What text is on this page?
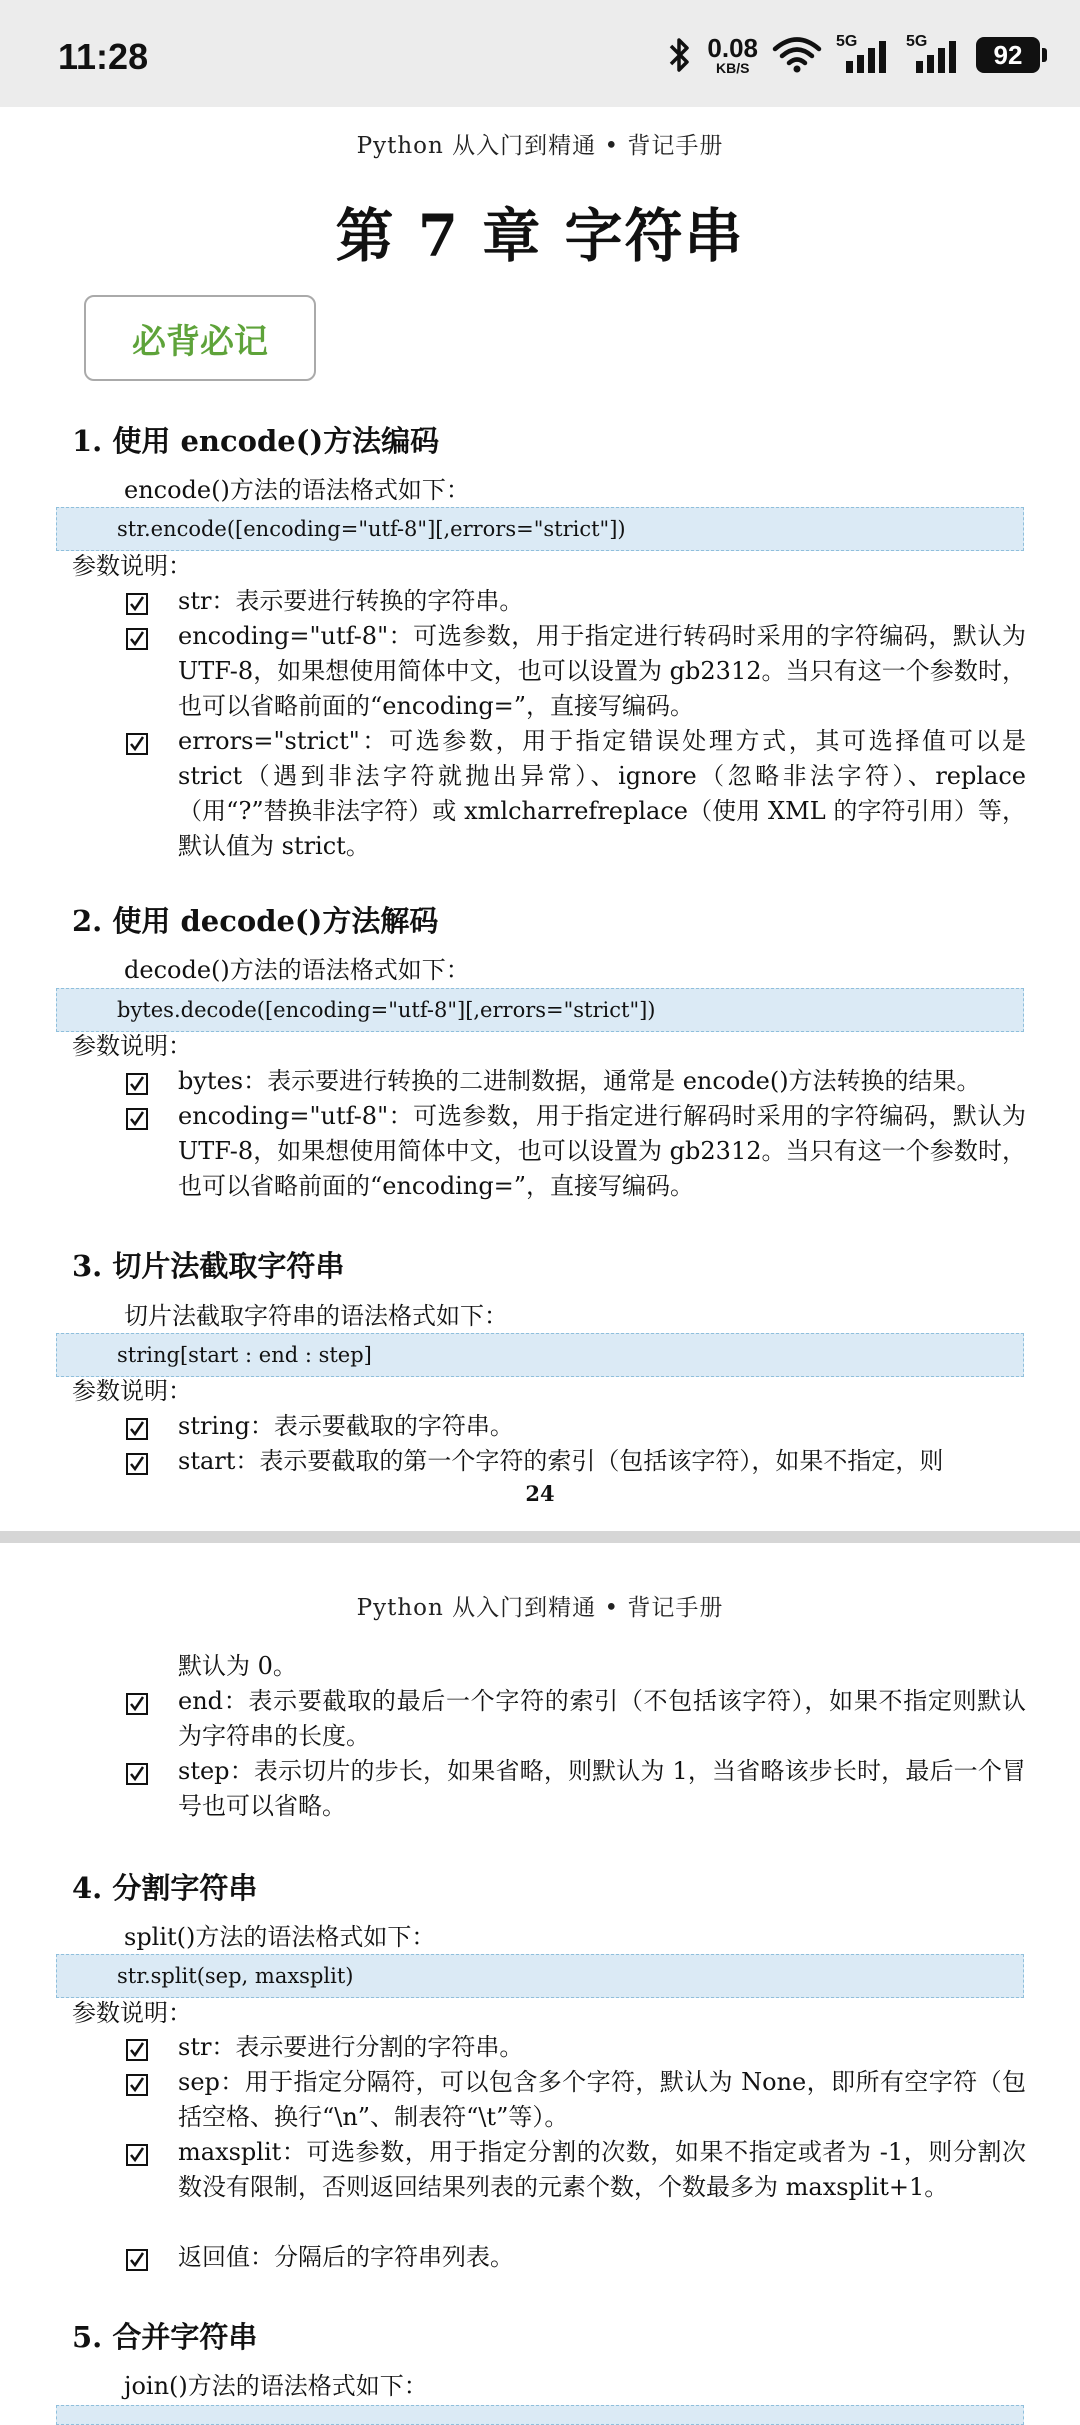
11:28	0.08
KB/S
5G	5G	92
Python 从入门到精通 • 背记手册
第 7 章 字符串
必背必记
1. 使用 encode()方法编码
encode()方法的语法格式如下：
str.encode([encoding="utf-8"][,errors="strict"])
参数说明：
str：表示要进行转换的字符串。
encoding="utf-8"：可选参数，用于指定进行转码时采用的字符编码，默认为 UTF-8，如果想使用简体中文，也可以设置为 gb2312。当只有这一个参数时，也可以省略前面的“encoding=”，直接写编码。
errors="strict"：可选参数，用于指定错误处理方式，其可选择值可以是 strict（遇到非法字符就抛出异常）、ignore（忽略非法字符）、replace（用“?”替换非法字符）或 xmlcharrefreplace（使用 XML 的字符引用）等，默认值为 strict。
2. 使用 decode()方法解码
decode()方法的语法格式如下：
bytes.decode([encoding="utf-8"][,errors="strict"])
参数说明：
bytes：表示要进行转换的二进制数据，通常是 encode()方法转换的结果。
encoding="utf-8"：可选参数，用于指定进行解码时采用的字符编码，默认为 UTF-8，如果想使用简体中文，也可以设置为 gb2312。当只有这一个参数时，也可以省略前面的“encoding=”，直接写编码。
3. 切片法截取字符串
切片法截取字符串的语法格式如下：
string[start : end : step]
参数说明：
string：表示要截取的字符串。
start：表示要截取的第一个字符的索引（包括该字符），如果不指定，则
24
Python 从入门到精通 • 背记手册
默认为 0。
end：表示要截取的最后一个字符的索引（不包括该字符），如果不指定则默认为字符串的长度。
step：表示切片的步长，如果省略，则默认为 1，当省略该步长时，最后一个冒号也可以省略。
4. 分割字符串
split()方法的语法格式如下：
str.split(sep, maxsplit)
参数说明：
str：表示要进行分割的字符串。
sep：用于指定分隔符，可以包含多个字符，默认为 None，即所有空字符（包括空格、换行“\n”、制表符“\t”等）。
maxsplit：可选参数，用于指定分割的次数，如果不指定或者为 -1，则分割次数没有限制，否则返回结果列表的元素个数，个数最多为 maxsplit+1。
返回值：分隔后的字符串列表。
5. 合并字符串
join()方法的语法格式如下：
